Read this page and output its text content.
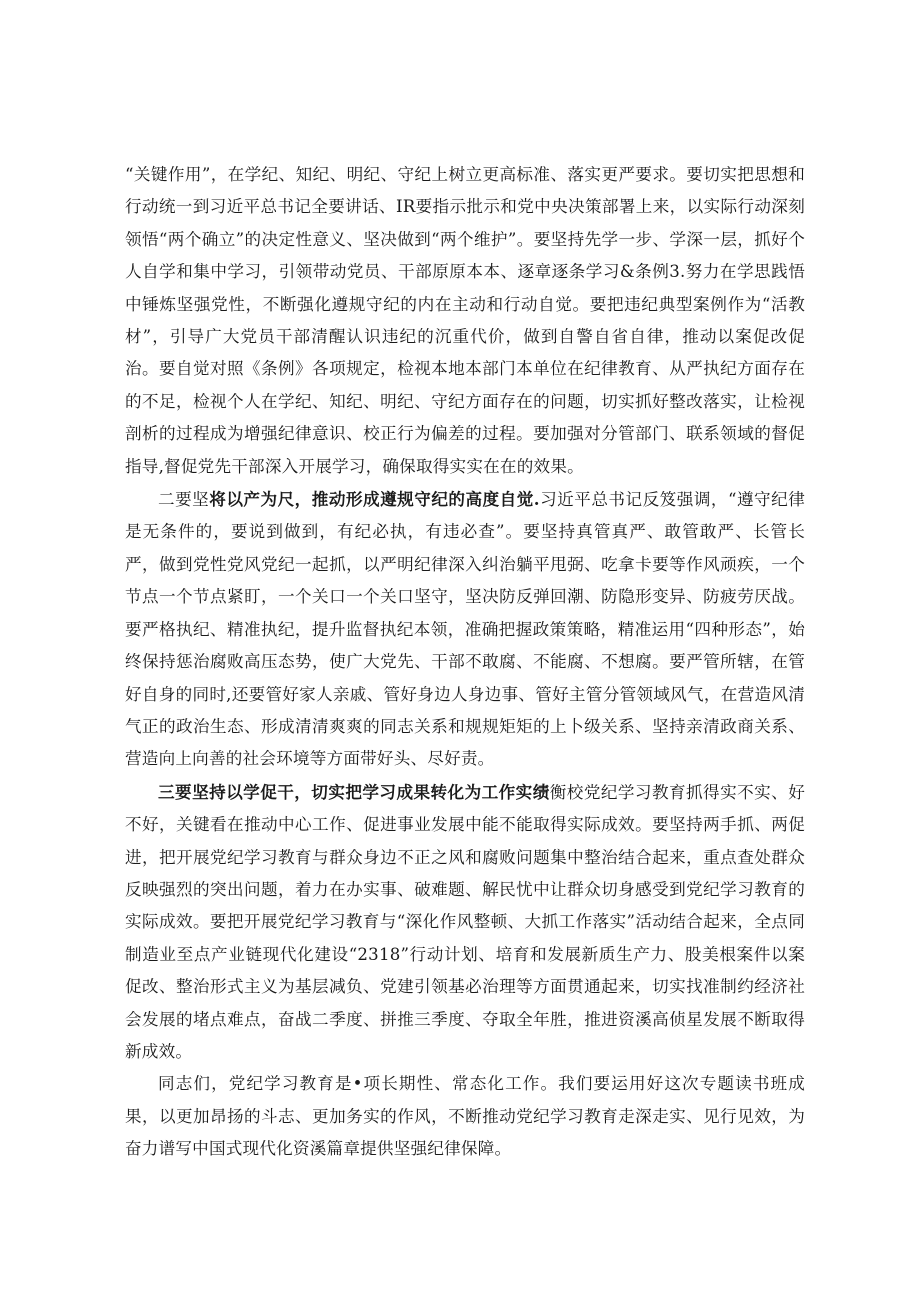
“关键作用”，在学纪、知纪、明纪、守纪上树立更高标准、落实更严要求。要切实把思想和行动统一到习近平总书记全要讲话、IR要指示批示和党中央决策部署上来，以实际行动深刻领悟“两个确立”的决定性意义、坚决做到“两个维护”。要坚持先学一步、学深一层，抓好个人自学和集中学习，引领带动党员、干部原原本本、逐章逐条学习&条例3.努力在学思践悟中锤炼坚强党性，不断强化遵规守纪的内在主动和行动自觉。要把违纪典型案例作为“活教材”，引导广大党员干部清醒认识违纪的沉重代价，做到自警自省自律，推动以案促改促治。要自觉对照《条例》各项规定，检视本地本部门本单位在纪律教育、从严执纪方面存在的不足，检视个人在学纪、知纪、明纪、守纪方面存在的问题，切实抓好整改落实，让检视剖析的过程成为增强纪律意识、校正行为偏差的过程。要加强对分管部门、联系领域的督促指导,督促党先干部深入开展学习，确保取得实实在在的效果。

二要坚将以产为尺，推动形成遵规守纪的高度自觉.习近平总书记反笈强调，“遵守纪律是无条件的，要说到做到，有纪必执，有违必查”。要坚持真管真严、敢管敢严、长管长严，做到党性党风党纪一起抓，以严明纪律深入纠治躺平甩弼、吃拿卡要等作风顽疾，一个节点一个节点紧盯，一个关口一个关口坚守，坚决防反弹回潮、防隐形变异、防疲劳厌战。要严格执纪、精准执纪，提升监督执纪本领，准确把握政策策略，精准运用“四种形态”，始终保持惩治腐败高压态势，使广大党先、干部不敢腐、不能腐、不想腐。要严管所辖，在管好自身的同时,还要管好家人亲戚、管好身边人身边事、管好主管分管领域风气，在营造风清气正的政治生态、形成清清爽爽的同志关系和规规矩矩的上卜级关系、坚持亲清政商关系、营造向上向善的社会环境等方面带好头、尽好责。

三要坚持以学促干，切实把学习成果转化为工作实绩衡校党纪学习教育抓得实不实、好不好，关键看在推动中心工作、促进事业发展中能不能取得实际成效。要坚持两手抓、两促进，把开展党纪学习教育与群众身边不正之风和腐败问题集中整治结合起来，重点查处群众反映强烈的突出问题，着力在办实事、破难题、解民忧中让群众切身感受到党纪学习教育的实际成效。要把开展党纪学习教育与“深化作风整顿、大抓工作落实”活动结合起来，全点同制造业至点产业链现代化建设“2318”行动计划、培育和发展新质生产力、股美根案件以案促改、整治形式主义为基层减负、党建引领基必治理等方面贯通起来，切实找准制约经济社会发展的堵点难点，奋战二季度、拼推三季度、夺取全年胜，推进资溪高侦星发展不断取得新成效。

同志们，党纪学习教育是•项长期性、常态化工作。我们要运用好这次专题读书班成果，以更加昂扬的斗志、更加务实的作风，不断推动党纪学习教育走深走实、见行见效，为奋力谱写中国式现代化资溪篇章提供坚强纪律保障。
